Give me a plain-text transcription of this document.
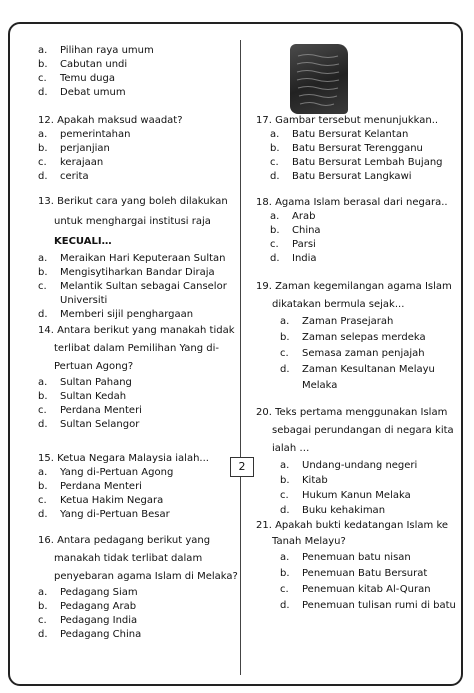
2
a.	Pilihan raya umum
b.	Cabutan undi
c.	Temu duga
d.	Debat umum
12. Apakah maksud waadat?
a.	pemerintahan
b.	perjanjian
c.	kerajaan
d.	cerita
13. Berikut cara yang boleh dilakukan
untuk menghargai institusi raja
KECUALI…
a.	Meraikan Hari Keputeraan Sultan
b.	Mengisytiharkan Bandar Diraja
c.	Melantik Sultan sebagai Canselor
Universiti
d.	Memberi sijil penghargaan
14. Antara berikut yang manakah tidak
terlibat dalam Pemilihan Yang di-
Pertuan Agong?
a.	Sultan Pahang
b.	Sultan Kedah
c.	Perdana Menteri
d.	Sultan Selangor
15. Ketua Negara Malaysia ialah...
a.	Yang di-Pertuan Agong
b.	Perdana Menteri
c.	Ketua Hakim Negara
d.	Yang di-Pertuan Besar
16. Antara pedagang berikut yang
manakah tidak terlibat dalam
penyebaran agama Islam di Melaka?
a.	Pedagang Siam
b.	Pedagang Arab
c.	Pedagang India
d.	Pedagang China
17. Gambar tersebut menunjukkan..
a.	Batu Bersurat Kelantan
b.	Batu Bersurat Terengganu
c.	Batu Bersurat Lembah Bujang
d.	Batu Bersurat Langkawi
18. Agama Islam berasal dari negara..
a.	Arab
b.	China
c.	Parsi
d.	India
19. Zaman kegemilangan agama Islam
dikatakan bermula sejak...
a.	Zaman Prasejarah
b.	Zaman selepas merdeka
c.	Semasa zaman penjajah
d.	Zaman Kesultanan Melayu
Melaka
20. Teks pertama menggunakan Islam
sebagai perundangan di negara kita
ialah …
a.	Undang-undang negeri
b.	Kitab
c.	Hukum Kanun Melaka
d.	Buku kehakiman
21. Apakah bukti kedatangan Islam ke
Tanah Melayu?
a.	Penemuan batu nisan
b.	Penemuan Batu Bersurat
c.	Penemuan kitab Al-Quran
d.	Penemuan tulisan rumi di batu
